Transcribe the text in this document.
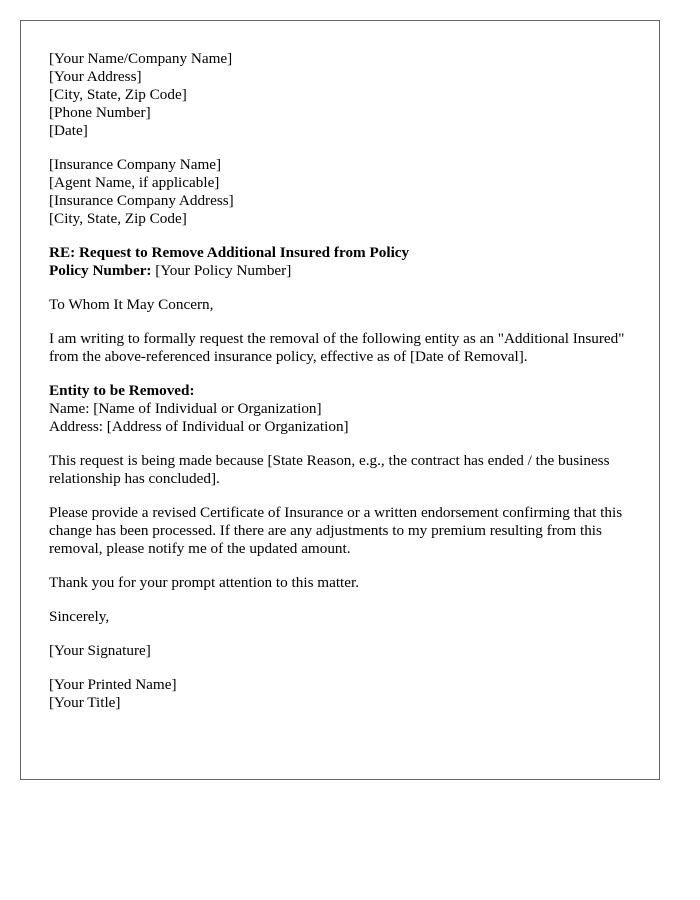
[Your Name/Company Name]
[Your Address]
[City, State, Zip Code]
[Phone Number]
[Date]
[Insurance Company Name]
[Agent Name, if applicable]
[Insurance Company Address]
[City, State, Zip Code]
RE: Request to Remove Additional Insured from Policy
Policy Number: [Your Policy Number]

To Whom It May Concern,

I am writing to formally request the removal of the following entity as an "Additional Insured" from the above-referenced insurance policy, effective as of [Date of Removal].

Entity to be Removed:
Name: [Name of Individual or Organization]
Address: [Address of Individual or Organization]

This request is being made because [State Reason, e.g., the contract has ended / the business relationship has concluded].

Please provide a revised Certificate of Insurance or a written endorsement confirming that this change has been processed. If there are any adjustments to my premium resulting from this removal, please notify me of the updated amount.

Thank you for your prompt attention to this matter.

Sincerely,

[Your Signature]

[Your Printed Name]
[Your Title]
